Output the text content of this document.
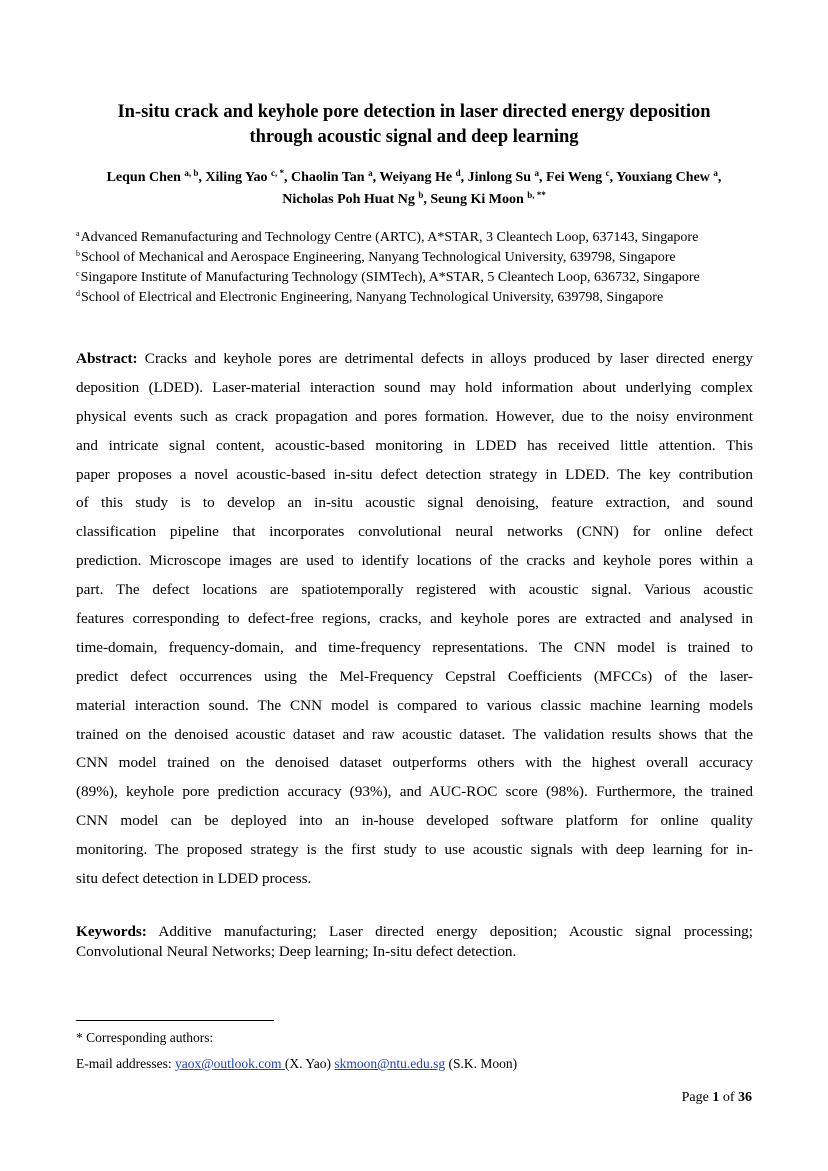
In-situ crack and keyhole pore detection in laser directed energy deposition
through acoustic signal and deep learning
Lequn Chen $^{a, b}$, Xiling Yao $^{c, *}$, Chaolin Tan $^a$, Weiyang He $^d$, Jinlong Su $^a$, Fei Weng $^c$, Youxiang Chew $^a$,
Nicholas Poh Huat Ng $^b$, Seung Ki Moon $^{b, **}$
$^a$Advanced Remanufacturing and Technology Centre (ARTC), A*STAR, 3 Cleantech Loop, 637143, Singapore
$^b$School of Mechanical and Aerospace Engineering, Nanyang Technological University, 639798, Singapore
$^c$Singapore Institute of Manufacturing Technology (SIMTech), A*STAR, 5 Cleantech Loop, 636732, Singapore
$^d$School of Electrical and Electronic Engineering, Nanyang Technological University, 639798, Singapore
Abstract: Cracks and keyhole pores are detrimental defects in alloys produced by laser directed energy
deposition (LDED). Laser-material interaction sound may hold information about underlying complex
physical events such as crack propagation and pores formation. However, due to the noisy environment
and intricate signal content, acoustic-based monitoring in LDED has received little attention. This
paper proposes a novel acoustic-based in-situ defect detection strategy in LDED. The key contribution
of this study is to develop an in-situ acoustic signal denoising, feature extraction, and sound
classification pipeline that incorporates convolutional neural networks (CNN) for online defect
prediction. Microscope images are used to identify locations of the cracks and keyhole pores within a
part. The defect locations are spatiotemporally registered with acoustic signal. Various acoustic
features corresponding to defect-free regions, cracks, and keyhole pores are extracted and analysed in
time-domain, frequency-domain, and time-frequency representations. The CNN model is trained to
predict defect occurrences using the Mel-Frequency Cepstral Coefficients (MFCCs) of the laser-
material interaction sound. The CNN model is compared to various classic machine learning models
trained on the denoised acoustic dataset and raw acoustic dataset. The validation results shows that the
CNN model trained on the denoised dataset outperforms others with the highest overall accuracy
(89%), keyhole pore prediction accuracy (93%), and AUC-ROC score (98%). Furthermore, the trained
CNN model can be deployed into an in-house developed software platform for online quality
monitoring. The proposed strategy is the first study to use acoustic signals with deep learning for in-
situ defect detection in LDED process.
Keywords: Additive manufacturing; Laser directed energy deposition; Acoustic signal processing;
Convolutional Neural Networks; Deep learning; In-situ defect detection.
* Corresponding authors:
E-mail addresses: yaox@outlook.com (X. Yao) skmoon@ntu.edu.sg (S.K. Moon)
Page 1 of 36
